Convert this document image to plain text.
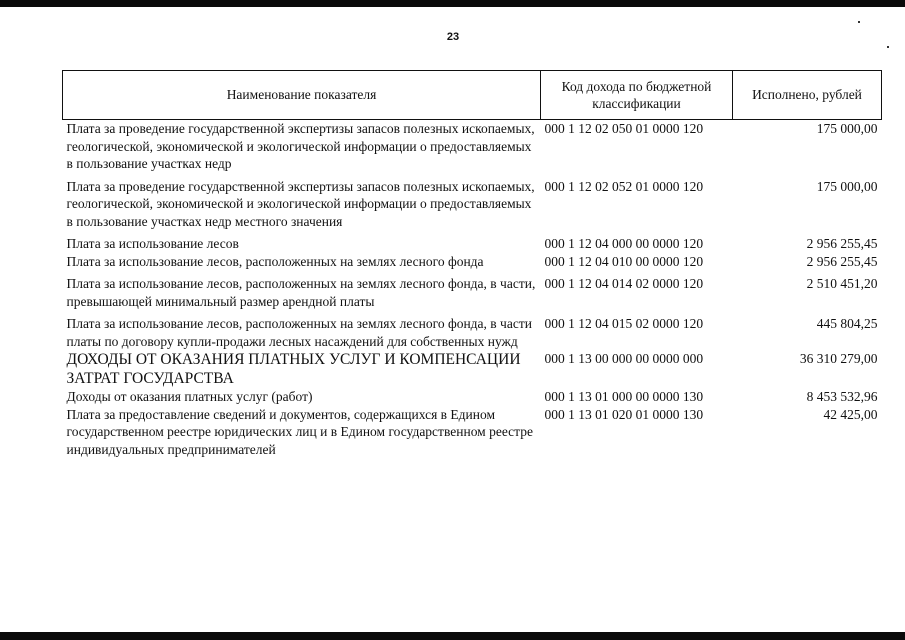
23
Наименование показателя	Код дохода по бюджетной классификации	Исполнено, рублей
Плата за проведение государственной экспертизы запасов полезных ископаемых, геологической, экономической и экологической информации о предоставляемых в пользование участках недр	000 1 12 02 050 01 0000 120	175 000,00
Плата за проведение государственной экспертизы запасов полезных ископаемых, геологической, экономической и экологической информации о предоставляемых в пользование участках недр местного значения	000 1 12 02 052 01 0000 120	175 000,00
Плата за использование лесов	000 1 12 04 000 00 0000 120	2 956 255,45
Плата за использование лесов, расположенных на землях лесного фонда	000 1 12 04 010 00 0000 120	2 956 255,45
Плата за использование лесов, расположенных на землях лесного фонда, в части, превышающей минимальный размер арендной платы	000 1 12 04 014 02 0000 120	2 510 451,20
Плата за использование лесов, расположенных на землях лесного фонда, в части платы по договору купли-продажи лесных насаждений для собственных нужд	000 1 12 04 015 02 0000 120	445 804,25
ДОХОДЫ ОТ ОКАЗАНИЯ ПЛАТНЫХ УСЛУГ И КОМПЕНСАЦИИ ЗАТРАТ ГОСУДАРСТВА	000 1 13 00 000 00 0000 000	36 310 279,00
Доходы от оказания платных услуг (работ)	000 1 13 01 000 00 0000 130	8 453 532,96
Плата за предоставление сведений и документов, содержащихся в Едином государственном реестре юридических лиц и в Едином государственном реестре индивидуальных предпринимателей	000 1 13 01 020 01 0000 130	42 425,00
